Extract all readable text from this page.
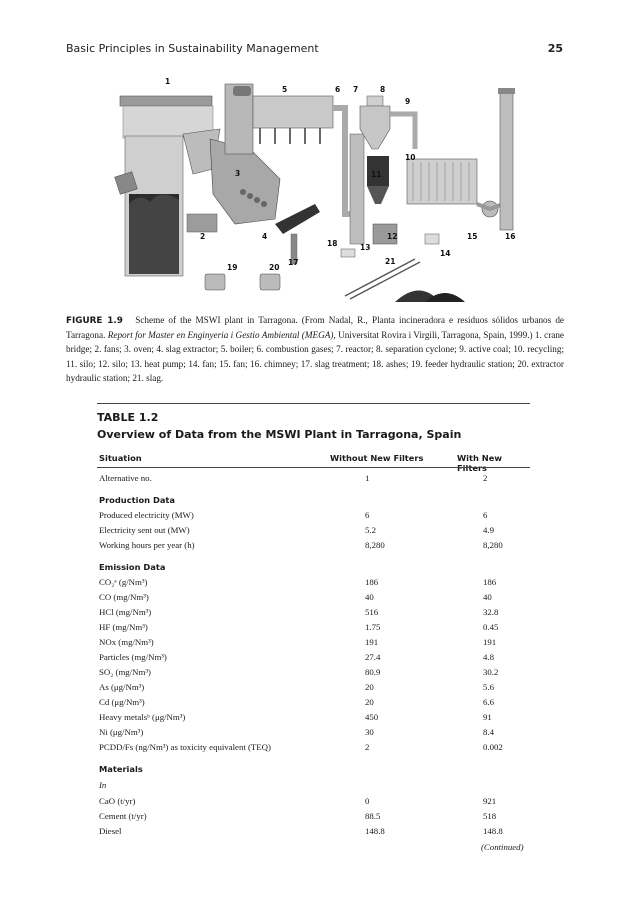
Basic Principles in Sustainability Management	25
1
2
3
4
5	6 7	8
9
10
11
12
13
14
15	16
17
18
19	20
21
FIGURE 1.9 Scheme of the MSWI plant in Tarragona. (From Nadal, R., Planta incineradora e residuos sólidos urbanos de Tarragona. Report for Master en Enginyeria i Gestio Ambiental (MEGA), Universitat Rovira i Virgili, Tarragona, Spain, 1999.) 1. crane bridge; 2. fans; 3. oven; 4. slag extractor; 5. boiler; 6. combustion gases; 7. reactor; 8. separation cyclone; 9. active coal; 10. recycling; 11. silo; 12. silo; 13. heat pump; 14. fan; 15. fan; 16. chimney; 17. slag treatment; 18. ashes; 19. feeder hydraulic station; 20. extractor hydraulic station; 21. slag.
TABLE 1.2
Overview of Data from the MSWI Plant in Tarragona, Spain
Situation	Without New Filters	With New Filters
Alternative no.	1	2
Production Data
Produced electricity (MW)	6	6
Electricity sent out (MW)	5.2	4.9
Working hours per year (h)	8,280	8,280
Emission Data
CO₂ᵃ (g/Nm³)	186	186
CO (mg/Nm³)	40	40
HCl (mg/Nm³)	516	32.8
HF (mg/Nm³)	1.75	0.45
NOx (mg/Nm³)	191	191
Particles (mg/Nm³)	27.4	4.8
SO₂ (mg/Nm³)	80.9	30.2
As (μg/Nm³)	20	5.6
Cd (μg/Nm³)	20	6.6
Heavy metalsᵇ (μg/Nm³)	450	91
Ni (μg/Nm³)	30	8.4
PCDD/Fs (ng/Nm³) as toxicity equivalent (TEQ)	2	0.002
Materials
In
CaO (t/yr)	0	921
Cement (t/yr)	88.5	518
Diesel	148.8	148.8
(Continued)
